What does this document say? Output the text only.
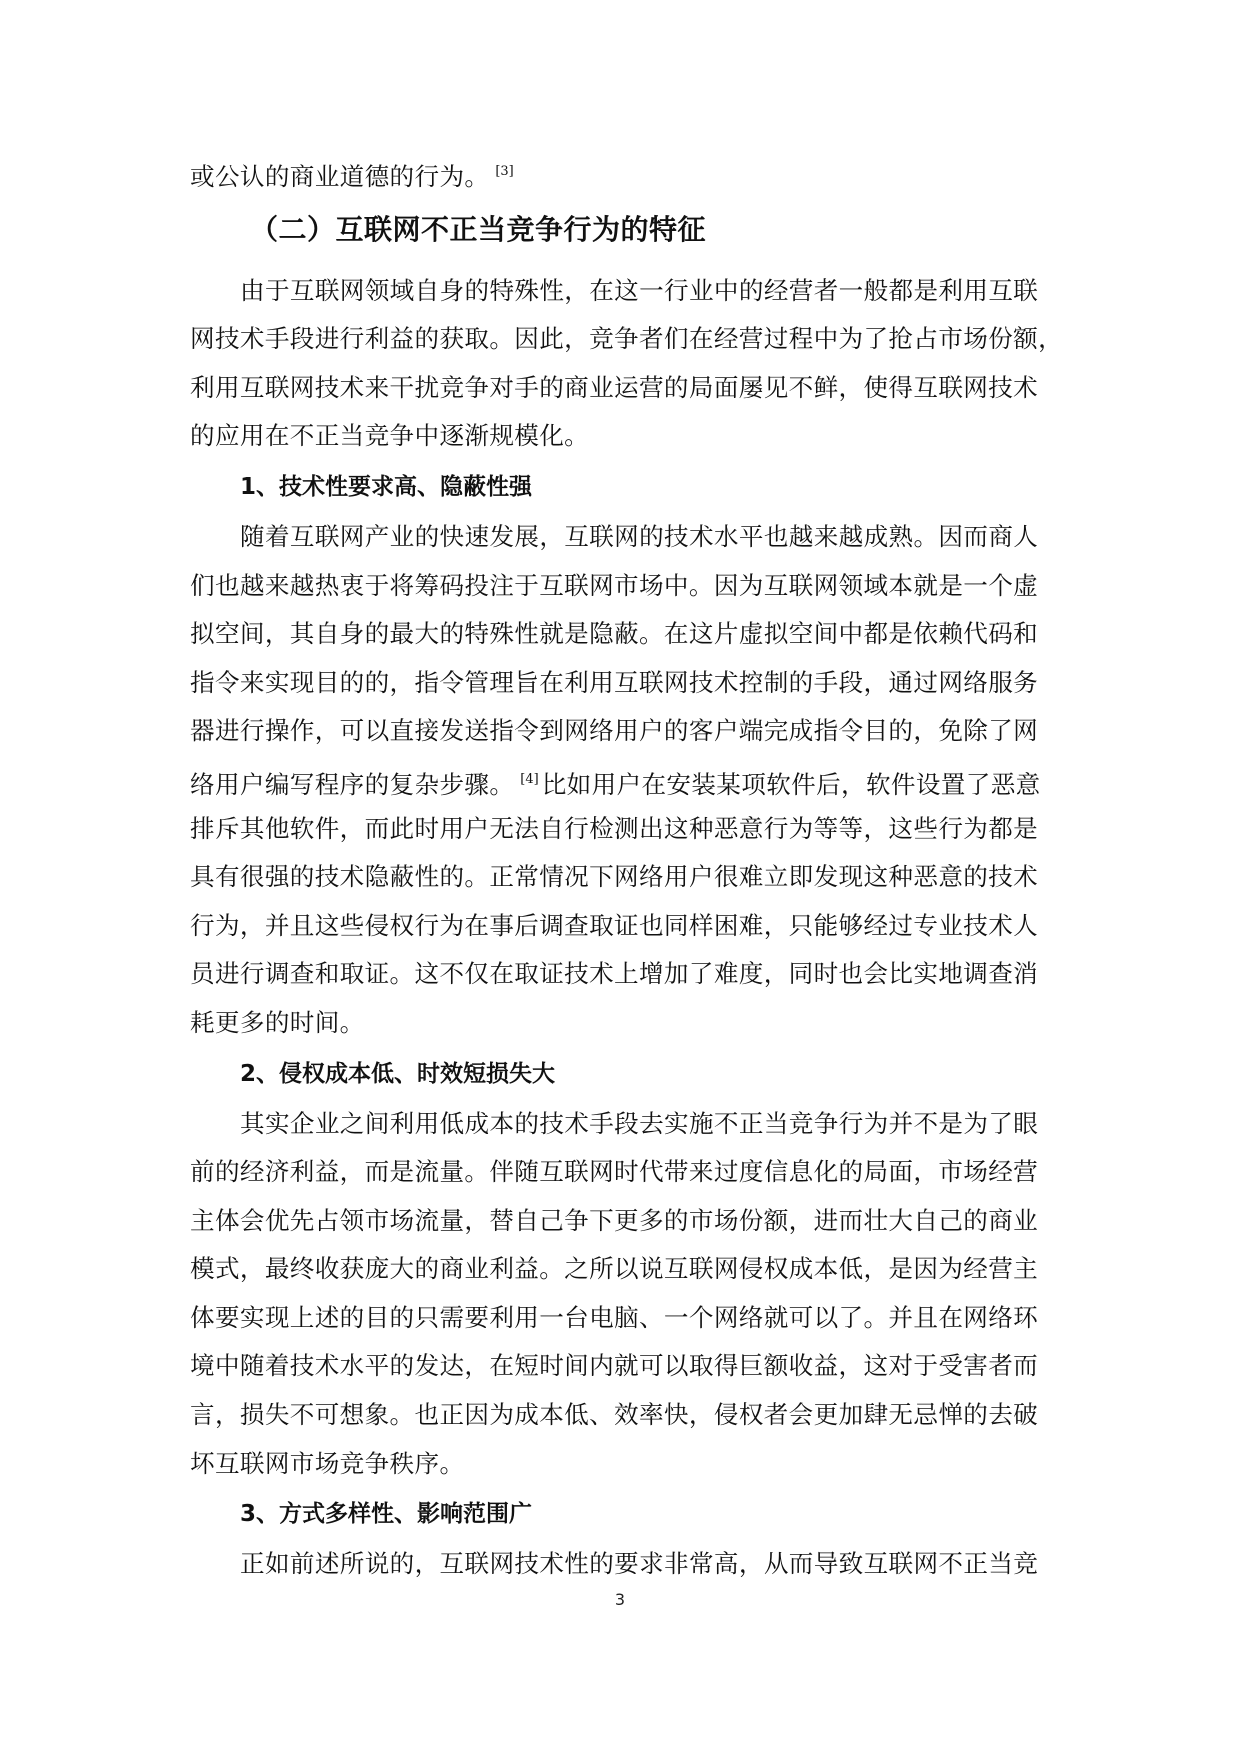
或公认的商业道德的行为。 [3]
（二）互联网不正当竞争行为的特征
由于互联网领域自身的特殊性，在这一行业中的经营者一般都是利用互联
网技术手段进行利益的获取。因此，竞争者们在经营过程中为了抢占市场份额，
利用互联网技术来干扰竞争对手的商业运营的局面屡见不鲜，使得互联网技术
的应用在不正当竞争中逐渐规模化。
1、技术性要求高、隐蔽性强
随着互联网产业的快速发展，互联网的技术水平也越来越成熟。因而商人
们也越来越热衷于将筹码投注于互联网市场中。因为互联网领域本就是一个虚
拟空间，其自身的最大的特殊性就是隐蔽。在这片虚拟空间中都是依赖代码和
指令来实现目的的，指令管理旨在利用互联网技术控制的手段，通过网络服务
器进行操作，可以直接发送指令到网络用户的客户端完成指令目的，免除了网
络用户编写程序的复杂步骤。 [4] 比如用户在安装某项软件后，软件设置了恶意
排斥其他软件，而此时用户无法自行检测出这种恶意行为等等，这些行为都是
具有很强的技术隐蔽性的。正常情况下网络用户很难立即发现这种恶意的技术
行为，并且这些侵权行为在事后调查取证也同样困难，只能够经过专业技术人
员进行调查和取证。这不仅在取证技术上增加了难度，同时也会比实地调查消
耗更多的时间。
2、侵权成本低、时效短损失大
其实企业之间利用低成本的技术手段去实施不正当竞争行为并不是为了眼
前的经济利益，而是流量。伴随互联网时代带来过度信息化的局面，市场经营
主体会优先占领市场流量，替自己争下更多的市场份额，进而壮大自己的商业
模式，最终收获庞大的商业利益。之所以说互联网侵权成本低，是因为经营主
体要实现上述的目的只需要利用一台电脑、一个网络就可以了。并且在网络环
境中随着技术水平的发达，在短时间内就可以取得巨额收益，这对于受害者而
言，损失不可想象。也正因为成本低、效率快，侵权者会更加肆无忌惮的去破
坏互联网市场竞争秩序。
3、方式多样性、影响范围广
正如前述所说的，互联网技术性的要求非常高，从而导致互联网不正当竞
3
